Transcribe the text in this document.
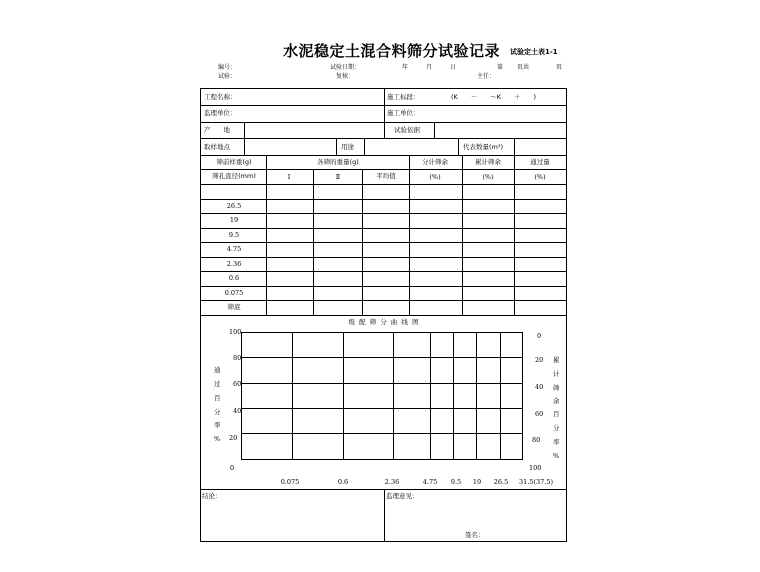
水泥稳定土混合料筛分试验记录 试验定土表1-1
编号：	试验日期：	年	月	日	第 页共	页
试验：	复核：	主任：
工程名称：	施工标段：	(K　　－　　～K　　＋　　)
监理单位：	施工单位：
产　　地	试验依据
取样地点	用途	代表数量(m³)
筛前样重(g)	各筛的重量(g)	分计筛余	累计筛余	通过量
筛孔直径(mm)	Ⅰ	Ⅱ	平均值	(%)	(%)	(%)
26.5
19
9.5
4.75
2.36
0.6
0.075
筛底
级 配 筛 分 曲 线 图
100
80
60
40
20
0
通
过
百
分
率
%
0
20
40
60
80
100
累
计
筛
余
百
分
率
%
0.075	0.6	2.36	4.75 9.5 19 26.5 31.5(37.5)
结论：	监理意见：
签名：
